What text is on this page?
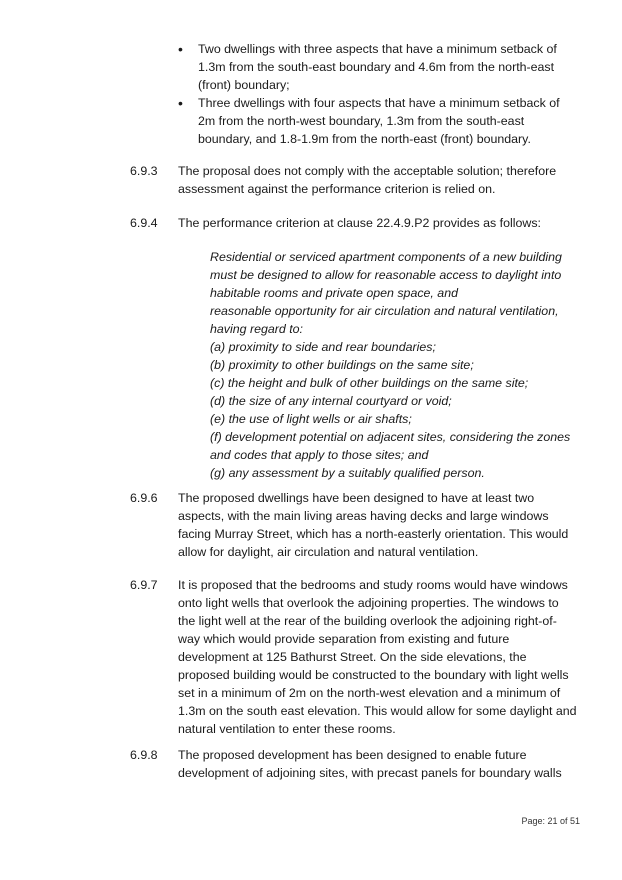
• Two dwellings with three aspects that have a minimum setback of 1.3m from the south-east boundary and 4.6m from the north-east (front) boundary;
• Three dwellings with four aspects that have a minimum setback of 2m from the north-west boundary, 1.3m from the south-east boundary, and 1.8-1.9m from the north-east (front) boundary.
6.9.3	The proposal does not comply with the acceptable solution; therefore assessment against the performance criterion is relied on.
6.9.4	The performance criterion at clause 22.4.9.P2 provides as follows:
Residential or serviced apartment components of a new building must be designed to allow for reasonable access to daylight into habitable rooms and private open space, and
reasonable opportunity for air circulation and natural ventilation, having regard to:
(a) proximity to side and rear boundaries;
(b) proximity to other buildings on the same site;
(c) the height and bulk of other buildings on the same site;
(d) the size of any internal courtyard or void;
(e) the use of light wells or air shafts;
(f) development potential on adjacent sites, considering the zones and codes that apply to those sites; and
(g) any assessment by a suitably qualified person.
6.9.6	The proposed dwellings have been designed to have at least two aspects, with the main living areas having decks and large windows facing Murray Street, which has a north-easterly orientation. This would allow for daylight, air circulation and natural ventilation.
6.9.7	It is proposed that the bedrooms and study rooms would have windows onto light wells that overlook the adjoining properties. The windows to the light well at the rear of the building overlook the adjoining right-of-way which would provide separation from existing and future development at 125 Bathurst Street. On the side elevations, the proposed building would be constructed to the boundary with light wells set in a minimum of 2m on the north-west elevation and a minimum of 1.3m on the south east elevation. This would allow for some daylight and natural ventilation to enter these rooms.
6.9.8	The proposed development has been designed to enable future development of adjoining sites, with precast panels for boundary walls
Page: 21 of 51
